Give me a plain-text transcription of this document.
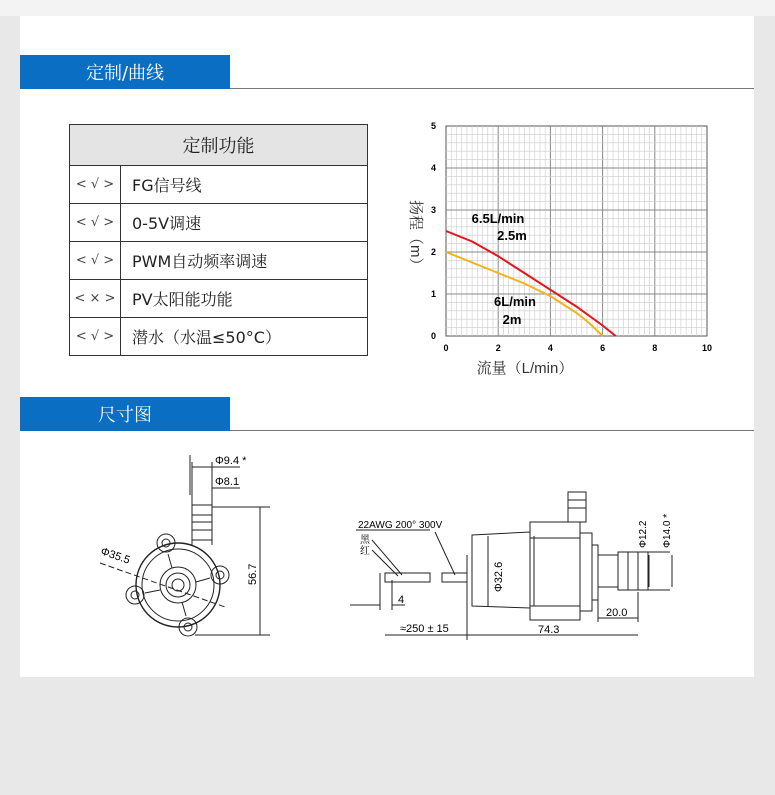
定制/曲线
定制功能	
< √ >	FG信号线
< √ >	0-5V调速
< √ >	PWM自动频率调速
< × >	PV太阳能功能
< √ >	潜水（水温≤50°C）
0	2	4	6	8	10
0
1
2
3
4
5
6.5L/min
2.5m
6L/min
2m
流量（L/min）
扬程（m）
尺寸图
Φ9.4 *
Φ8.1
Φ35.5
56.7
22AWG 200° 300V
黑
红
4
≈250 ± 15
Φ32.6
74.3
20.0
Φ12.2 Φ14.0 *
